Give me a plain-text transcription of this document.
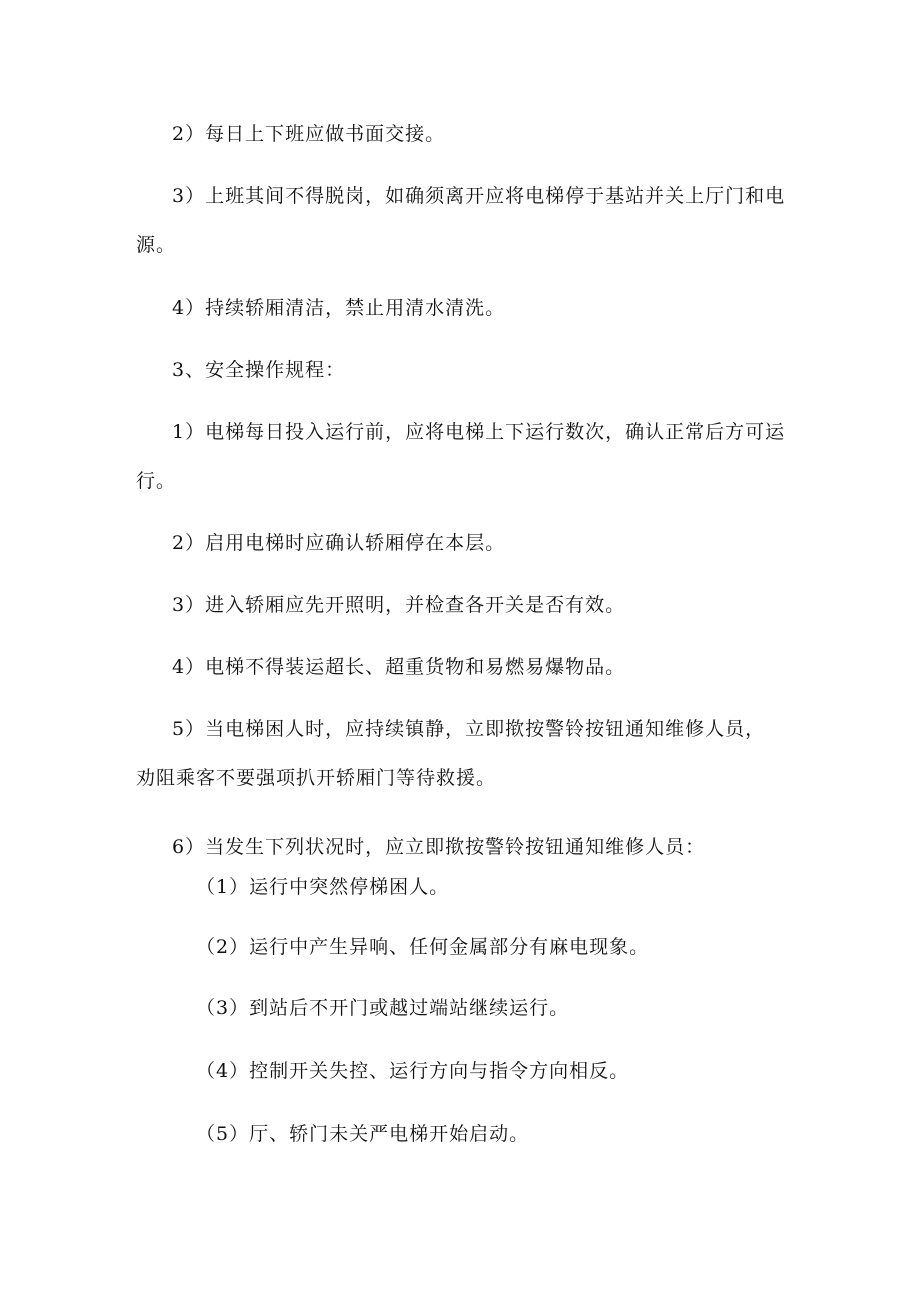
2）每日上下班应做书面交接。

3）上班其间不得脱岗，如确须离开应将电梯停于基站并关上厅门和电

源。

4）持续轿厢清洁，禁止用清水清洗。

3、安全操作规程：

1）电梯每日投入运行前，应将电梯上下运行数次，确认正常后方可运

行。

2）启用电梯时应确认轿厢停在本层。

3）进入轿厢应先开照明，并检查各开关是否有效。

4）电梯不得装运超长、超重货物和易燃易爆物品。

5）当电梯困人时，应持续镇静，立即揿按警铃按钮通知维修人员，

劝阻乘客不要强项扒开轿厢门等待救援。

6）当发生下列状况时，应立即揿按警铃按钮通知维修人员：

（1）运行中突然停梯困人。

（2）运行中产生异响、任何金属部分有麻电现象。

（3）到站后不开门或越过端站继续运行。

（4）控制开关失控、运行方向与指令方向相反。

（5）厅、轿门未关严电梯开始启动。
